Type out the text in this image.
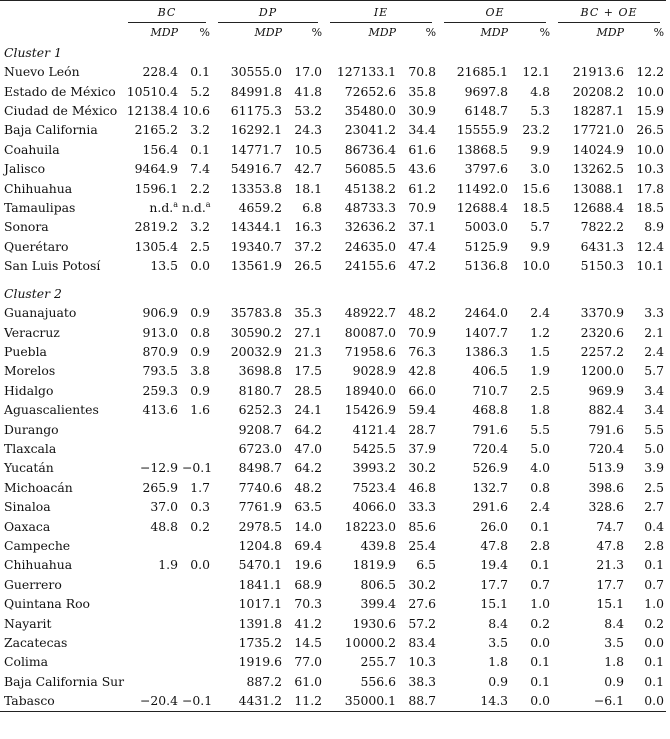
	BC		DP		IE		OE		BC + OE	

	MDP	%	MDP	%	MDP	%	MDP	%	MDP	%
Cluster 1										
Nuevo León	228.4	0.1	30555.0	17.0	127133.1	70.8	21685.1	12.1	21913.6	12.2
Estado de México	10510.4	5.2	84991.8	41.8	72652.6	35.8	9697.8	4.8	20208.2	10.0
Ciudad de México	12138.4	10.6	61175.3	53.2	35480.0	30.9	6148.7	5.3	18287.1	15.9
Baja California	2165.2	3.2	16292.1	24.3	23041.2	34.4	15555.9	23.2	17721.0	26.5
Coahuila	156.4	0.1	14771.7	10.5	86736.4	61.6	13868.5	9.9	14024.9	10.0
Jalisco	9464.9	7.4	54916.7	42.7	56085.5	43.6	3797.6	3.0	13262.5	10.3
Chihuahua	1596.1	2.2	13353.8	18.1	45138.2	61.2	11492.0	15.6	13088.1	17.8
Tamaulipas	n.d.$^a$	n.d.$^a$	4659.2	6.8	48733.3	70.9	12688.4	18.5	12688.4	18.5
Sonora	2819.2	3.2	14344.1	16.3	32636.2	37.1	5003.0	5.7	7822.2	8.9
Querétaro	1305.4	2.5	19340.7	37.2	24635.0	47.4	5125.9	9.9	6431.3	12.4
San Luis Potosí	13.5	0.0	13561.9	26.5	24155.6	47.2	5136.8	10.0	5150.3	10.1

Cluster 2										
Guanajuato	906.9	0.9	35783.8	35.3	48922.7	48.2	2464.0	2.4	3370.9	3.3
Veracruz	913.0	0.8	30590.2	27.1	80087.0	70.9	1407.7	1.2	2320.6	2.1
Puebla	870.9	0.9	20032.9	21.3	71958.6	76.3	1386.3	1.5	2257.2	2.4
Morelos	793.5	3.8	3698.8	17.5	9028.9	42.8	406.5	1.9	1200.0	5.7
Hidalgo	259.3	0.9	8180.7	28.5	18940.0	66.0	710.7	2.5	969.9	3.4
Aguascalientes	413.6	1.6	6252.3	24.1	15426.9	59.4	468.8	1.8	882.4	3.4
Durango			9208.7	64.2	4121.4	28.7	791.6	5.5	791.6	5.5
Tlaxcala			6723.0	47.0	5425.5	37.9	720.4	5.0	720.4	5.0
Yucatán	−12.9	−0.1	8498.7	64.2	3993.2	30.2	526.9	4.0	513.9	3.9
Michoacán	265.9	1.7	7740.6	48.2	7523.4	46.8	132.7	0.8	398.6	2.5
Sinaloa	37.0	0.3	7761.9	63.5	4066.0	33.3	291.6	2.4	328.6	2.7
Oaxaca	48.8	0.2	2978.5	14.0	18223.0	85.6	26.0	0.1	74.7	0.4
Campeche			1204.8	69.4	439.8	25.4	47.8	2.8	47.8	2.8
Chihuahua	1.9	0.0	5470.1	19.6	1819.9	6.5	19.4	0.1	21.3	0.1
Guerrero			1841.1	68.9	806.5	30.2	17.7	0.7	17.7	0.7
Quintana Roo			1017.1	70.3	399.4	27.6	15.1	1.0	15.1	1.0
Nayarit			1391.8	41.2	1930.6	57.2	8.4	0.2	8.4	0.2
Zacatecas			1735.2	14.5	10000.2	83.4	3.5	0.0	3.5	0.0
Colima			1919.6	77.0	255.7	10.3	1.8	0.1	1.8	0.1
Baja California Sur			887.2	61.0	556.6	38.3	0.9	0.1	0.9	0.1
Tabasco	−20.4	−0.1	4431.2	11.2	35000.1	88.7	14.3	0.0	−6.1	0.0
